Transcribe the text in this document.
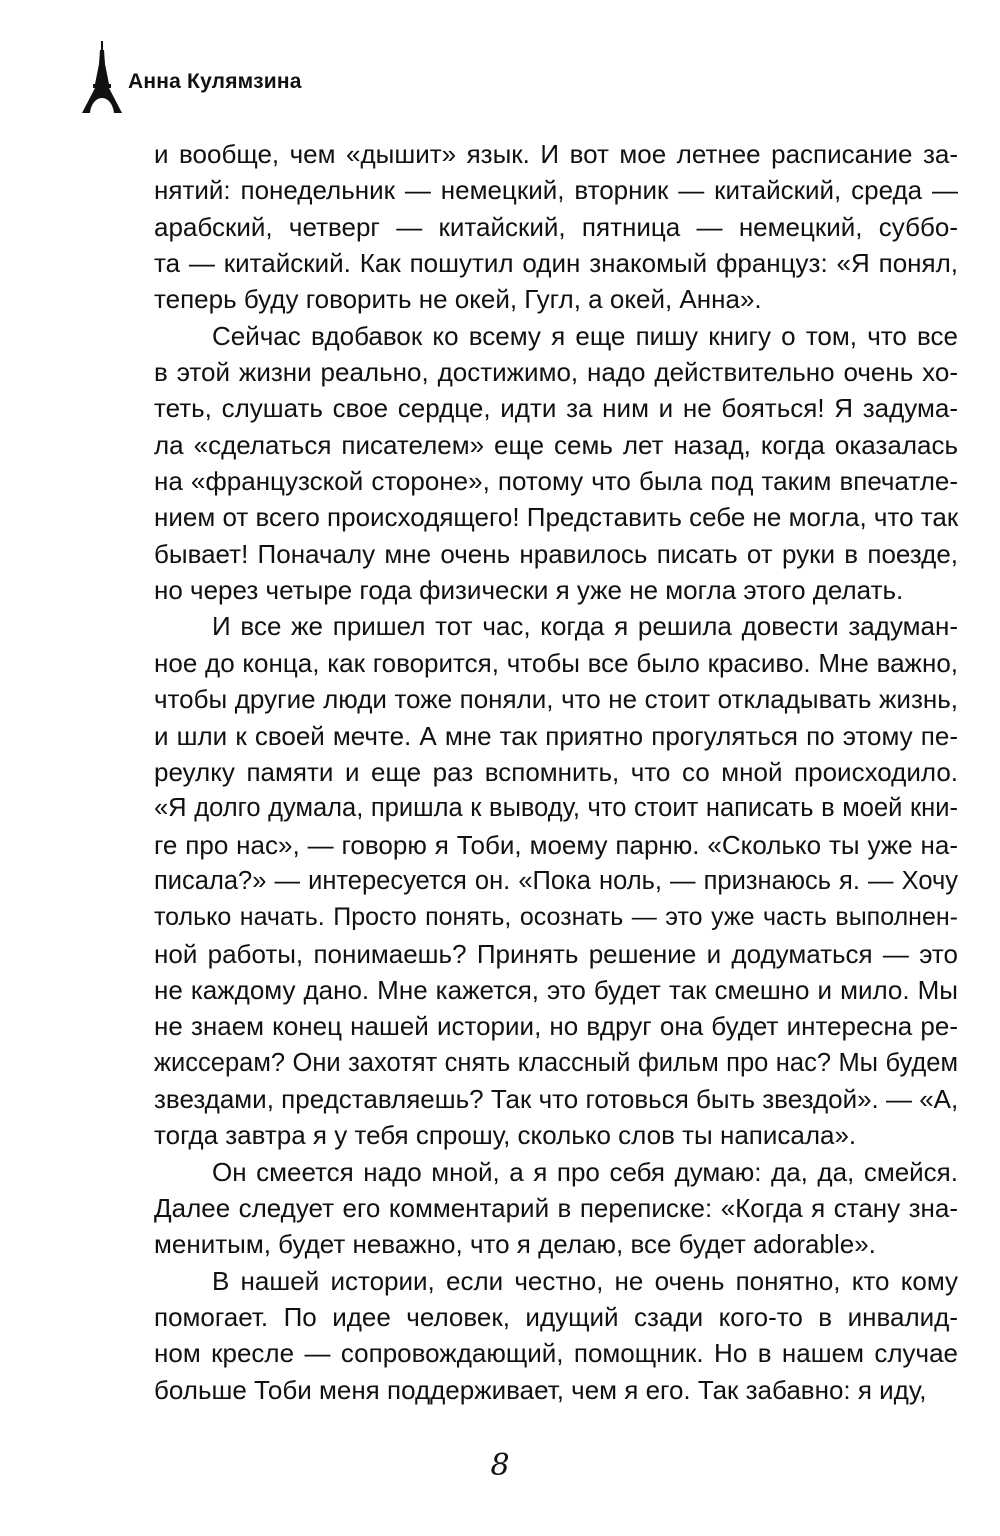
Анна Кулямзина
и вообще, чем «дышит» язык. И вот мое летнее расписание за-
нятий: понедельник — немецкий, вторник — китайский, среда —
арабский, четверг — китайский, пятница — немецкий, суббо-
та — китайский. Как пошутил один знакомый француз: «Я понял,
теперь буду говорить не окей, Гугл, а окей, Анна».
Сейчас вдобавок ко всему я еще пишу книгу о том, что все
в этой жизни реально, достижимо, надо действительно очень хо-
теть, слушать свое сердце, идти за ним и не бояться! Я задума-
ла «сделаться писателем» еще семь лет назад, когда оказалась
на «французской стороне», потому что была под таким впечатле-
нием от всего происходящего! Представить себе не могла, что так
бывает! Поначалу мне очень нравилось писать от руки в поезде,
но через четыре года физически я уже не могла этого делать.
И все же пришел тот час, когда я решила довести задуман-
ное до конца, как говорится, чтобы все было красиво. Мне важно,
чтобы другие люди тоже поняли, что не стоит откладывать жизнь,
и шли к своей мечте. А мне так приятно прогуляться по этому пе-
реулку памяти и еще раз вспомнить, что со мной происходило.
«Я долго думала, пришла к выводу, что стоит написать в моей кни-
ге про нас», — говорю я Тоби, моему парню. «Сколько ты уже на-
писала?» — интересуется он. «Пока ноль, — признаюсь я. — Хочу
только начать. Просто понять, осознать — это уже часть выполнен-
ной работы, понимаешь? Принять решение и додуматься — это
не каждому дано. Мне кажется, это будет так смешно и мило. Мы
не знаем конец нашей истории, но вдруг она будет интересна ре-
жиссерам? Они захотят снять классный фильм про нас? Мы будем
звездами, представляешь? Так что готовься быть звездой». — «А,
тогда завтра я у тебя спрошу, сколько слов ты написала».
Он смеется надо мной, а я про себя думаю: да, да, смейся.
Далее следует его комментарий в переписке: «Когда я стану зна-
менитым, будет неважно, что я делаю, все будет adorable».
В нашей истории, если честно, не очень понятно, кто кому
помогает. По идее человек, идущий сзади кого-то в инвалид-
ном кресле — сопровождающий, помощник. Но в нашем случае
больше Тоби меня поддерживает, чем я его. Так забавно: я иду,
8
